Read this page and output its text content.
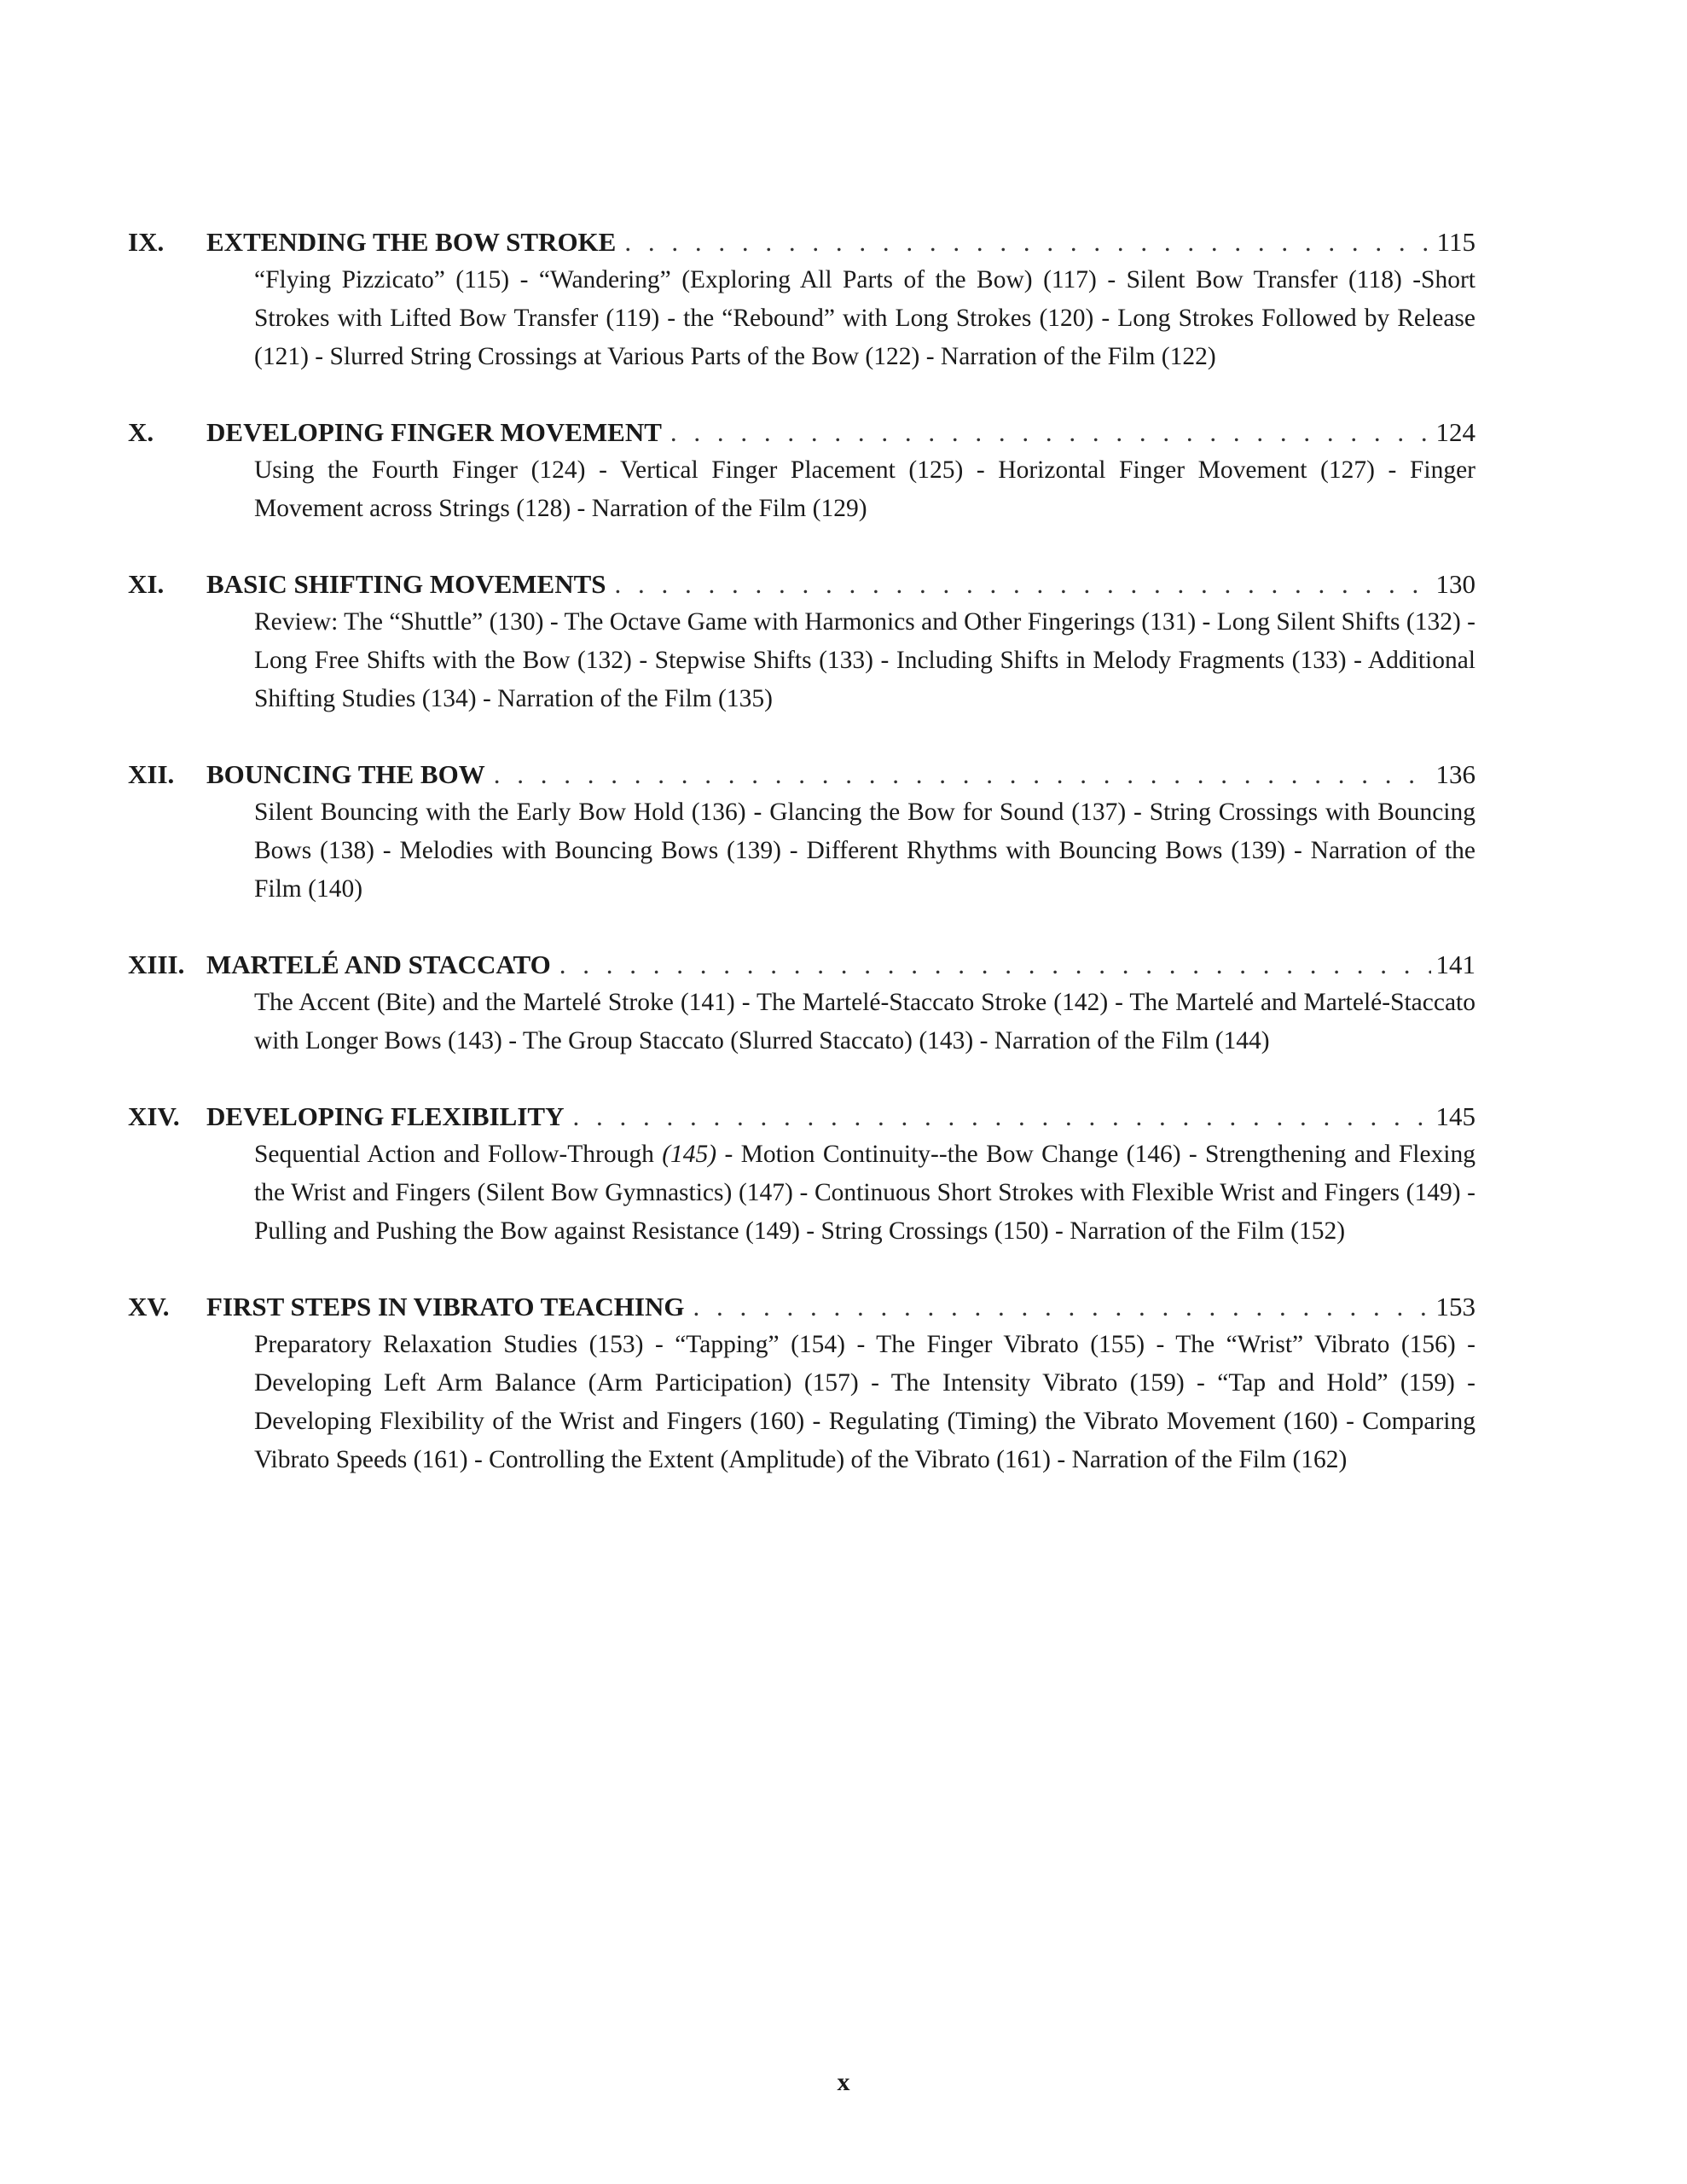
IX.	EXTENDING THE BOW STROKE . . .	115
“Flying Pizzicato” (115) - “Wandering” (Exploring All Parts of the Bow) (117) - Silent Bow Transfer (118) -Short Strokes with Lifted Bow Transfer (119) - the “Rebound” with Long Strokes (120) - Long Strokes Followed by Release (121) - Slurred String Crossings at Various Parts of the Bow (122) - Narration of the Film (122)
X.	DEVELOPING FINGER MOVEMENT . . .	124
Using the Fourth Finger (124) - Vertical Finger Placement (125) - Horizontal Finger Movement (127) - Finger Movement across Strings (128) - Narration of the Film (129)
XI.	BASIC SHIFTING MOVEMENTS . . .	130
Review: The “Shuttle” (130) - The Octave Game with Harmonics and Other Fingerings (131) - Long Silent Shifts (132) - Long Free Shifts with the Bow (132) - Stepwise Shifts (133) - Including Shifts in Melody Fragments (133) - Additional Shifting Studies (134) - Narration of the Film (135)
XII.	BOUNCING THE BOW . . .	136
Silent Bouncing with the Early Bow Hold (136) - Glancing the Bow for Sound (137) - String Crossings with Bouncing Bows (138) - Melodies with Bouncing Bows (139) - Different Rhythms with Bouncing Bows (139) - Narration of the Film (140)
XIII. MARTELÉ AND STACCATO . . .	141
The Accent (Bite) and the Martelé Stroke (141) - The Martelé-Staccato Stroke (142) - The Martelé and Martelé-Staccato with Longer Bows (143) - The Group Staccato (Slurred Staccato) (143) - Narration of the Film (144)
XIV.	DEVELOPING FLEXIBILITY . . .	145
Sequential Action and Follow-Through (145) - Motion Continuity--the Bow Change (146) - Strengthening and Flexing the Wrist and Fingers (Silent Bow Gymnastics) (147) - Continuous Short Strokes with Flexible Wrist and Fingers (149) - Pulling and Pushing the Bow against Resistance (149) - String Crossings (150) - Narration of the Film (152)
XV.	FIRST STEPS IN VIBRATO TEACHING . . .	153
Preparatory Relaxation Studies (153) - “Tapping” (154) - The Finger Vibrato (155) - The “Wrist” Vibrato (156) - Developing Left Arm Balance (Arm Participation) (157) - The Intensity Vibrato (159) - “Tap and Hold” (159) - Developing Flexibility of the Wrist and Fingers (160) - Regulating (Timing) the Vibrato Movement (160) - Comparing Vibrato Speeds (161) - Controlling the Extent (Amplitude) of the Vibrato (161) - Narration of the Film (162)
x
